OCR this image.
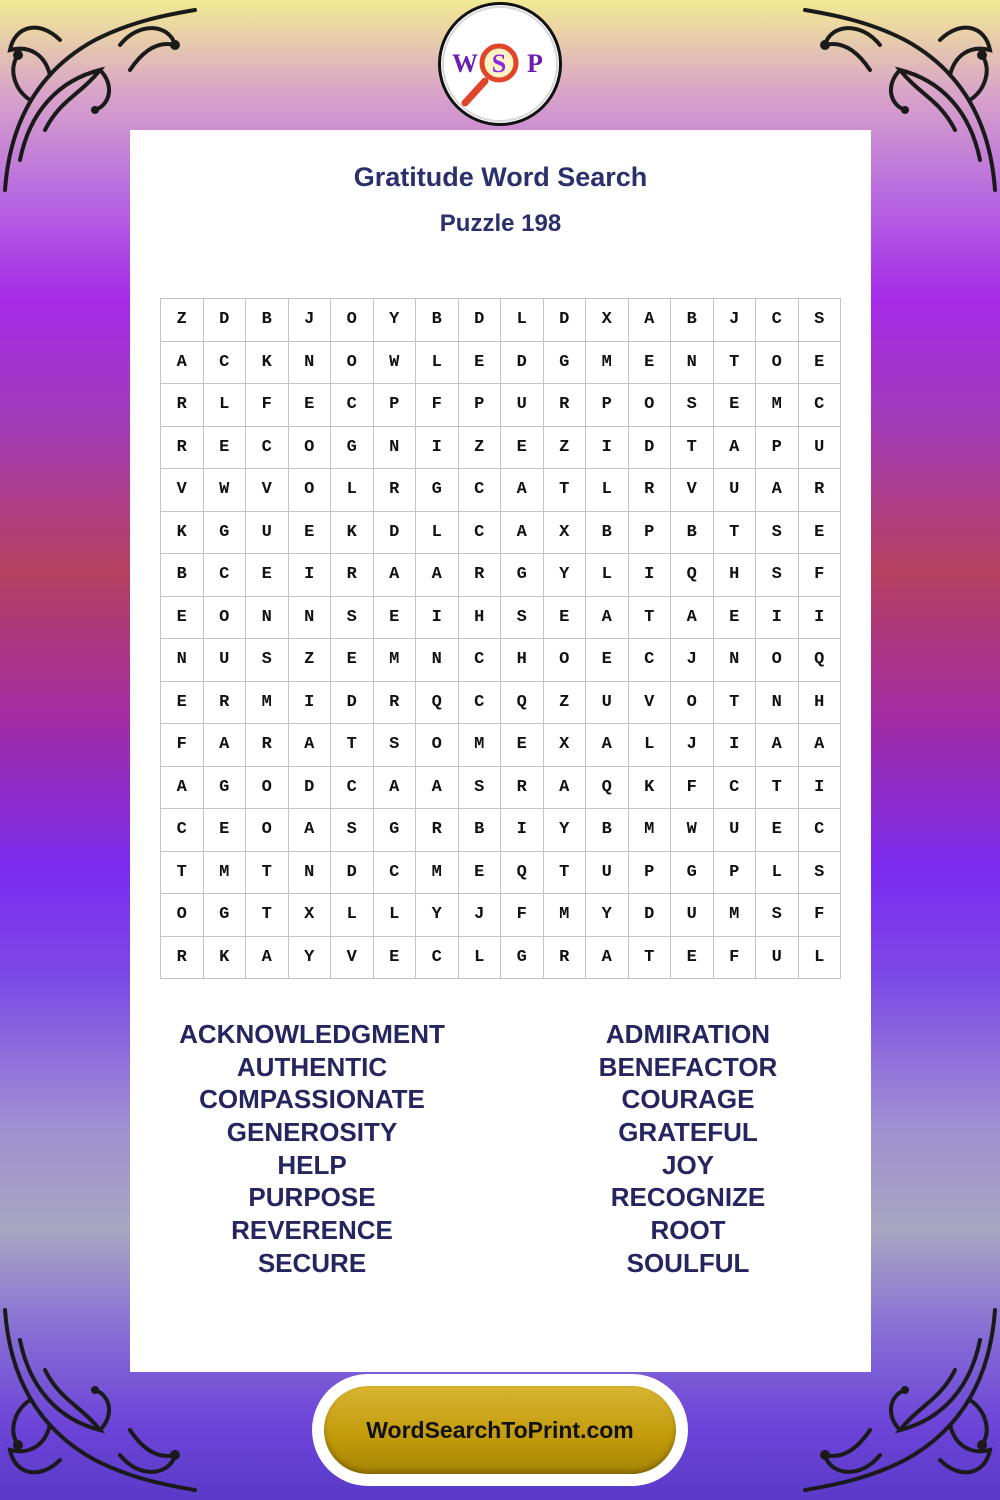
W S P
Gratitude Word Search
Puzzle 198
Z	D	B	J	O	Y	B	D	L	D	X	A	B	J	C	S
A	C	K	N	O	W	L	E	D	G	M	E	N	T	O	E
R	L	F	E	C	P	F	P	U	R	P	O	S	E	M	C
R	E	C	O	G	N	I	Z	E	Z	I	D	T	A	P	U
V	W	V	O	L	R	G	C	A	T	L	R	V	U	A	R
K	G	U	E	K	D	L	C	A	X	B	P	B	T	S	E
B	C	E	I	R	A	A	R	G	Y	L	I	Q	H	S	F
E	O	N	N	S	E	I	H	S	E	A	T	A	E	I	I
N	U	S	Z	E	M	N	C	H	O	E	C	J	N	O	Q
E	R	M	I	D	R	Q	C	Q	Z	U	V	O	T	N	H
F	A	R	A	T	S	O	M	E	X	A	L	J	I	A	A
A	G	O	D	C	A	A	S	R	A	Q	K	F	C	T	I
C	E	O	A	S	G	R	B	I	Y	B	M	W	U	E	C
T	M	T	N	D	C	M	E	Q	T	U	P	G	P	L	S
O	G	T	X	L	L	Y	J	F	M	Y	D	U	M	S	F
R	K	A	Y	V	E	C	L	G	R	A	T	E	F	U	L
ACKNOWLEDGMENT
AUTHENTIC
COMPASSIONATE
GENEROSITY
HELP
PURPOSE
REVERENCE
SECURE
ADMIRATION
BENEFACTOR
COURAGE
GRATEFUL
JOY
RECOGNIZE
ROOT
SOULFUL
WordSearchToPrint.com
